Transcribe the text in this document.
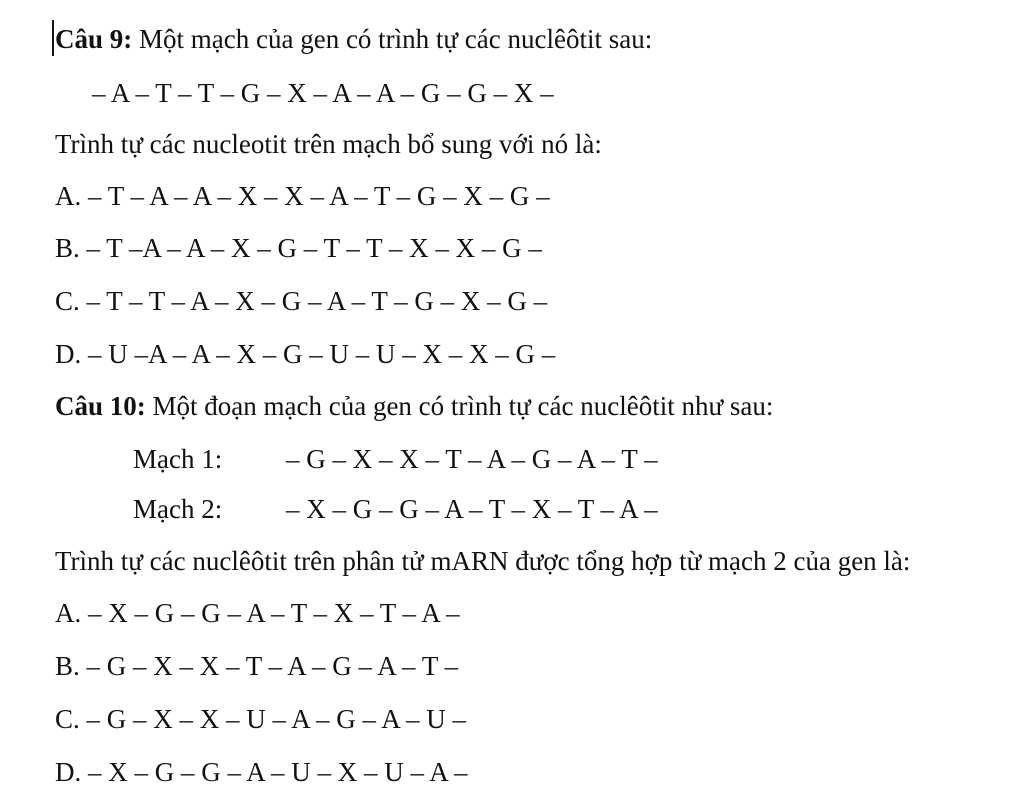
Câu 9: Một mạch của gen có trình tự các nuclêôtit sau:
– A – T – T – G – X – A – A – G – G – X –
Trình tự các nucleotit trên mạch bổ sung với nó là:
A. – T – A – A – X – X – A – T – G – X – G –
B. – T –A – A – X – G – T – T – X – X – G –
C. – T – T – A – X – G – A – T – G – X – G –
D. – U –A – A – X – G – U – U – X – X – G –
Câu 10: Một đoạn mạch của gen có trình tự các nuclêôtit như sau:
Mạch 1: – G – X – X – T – A – G – A – T –
Mạch 2: – X – G – G – A – T – X – T – A –
Trình tự các nuclêôtit trên phân tử mARN được tổng hợp từ mạch 2 của gen là:
A. – X – G – G – A – T – X – T – A –
B. – G – X – X – T – A – G – A – T –
C. – G – X – X – U – A – G – A – U –
D. – X – G – G – A – U – X – U – A –
